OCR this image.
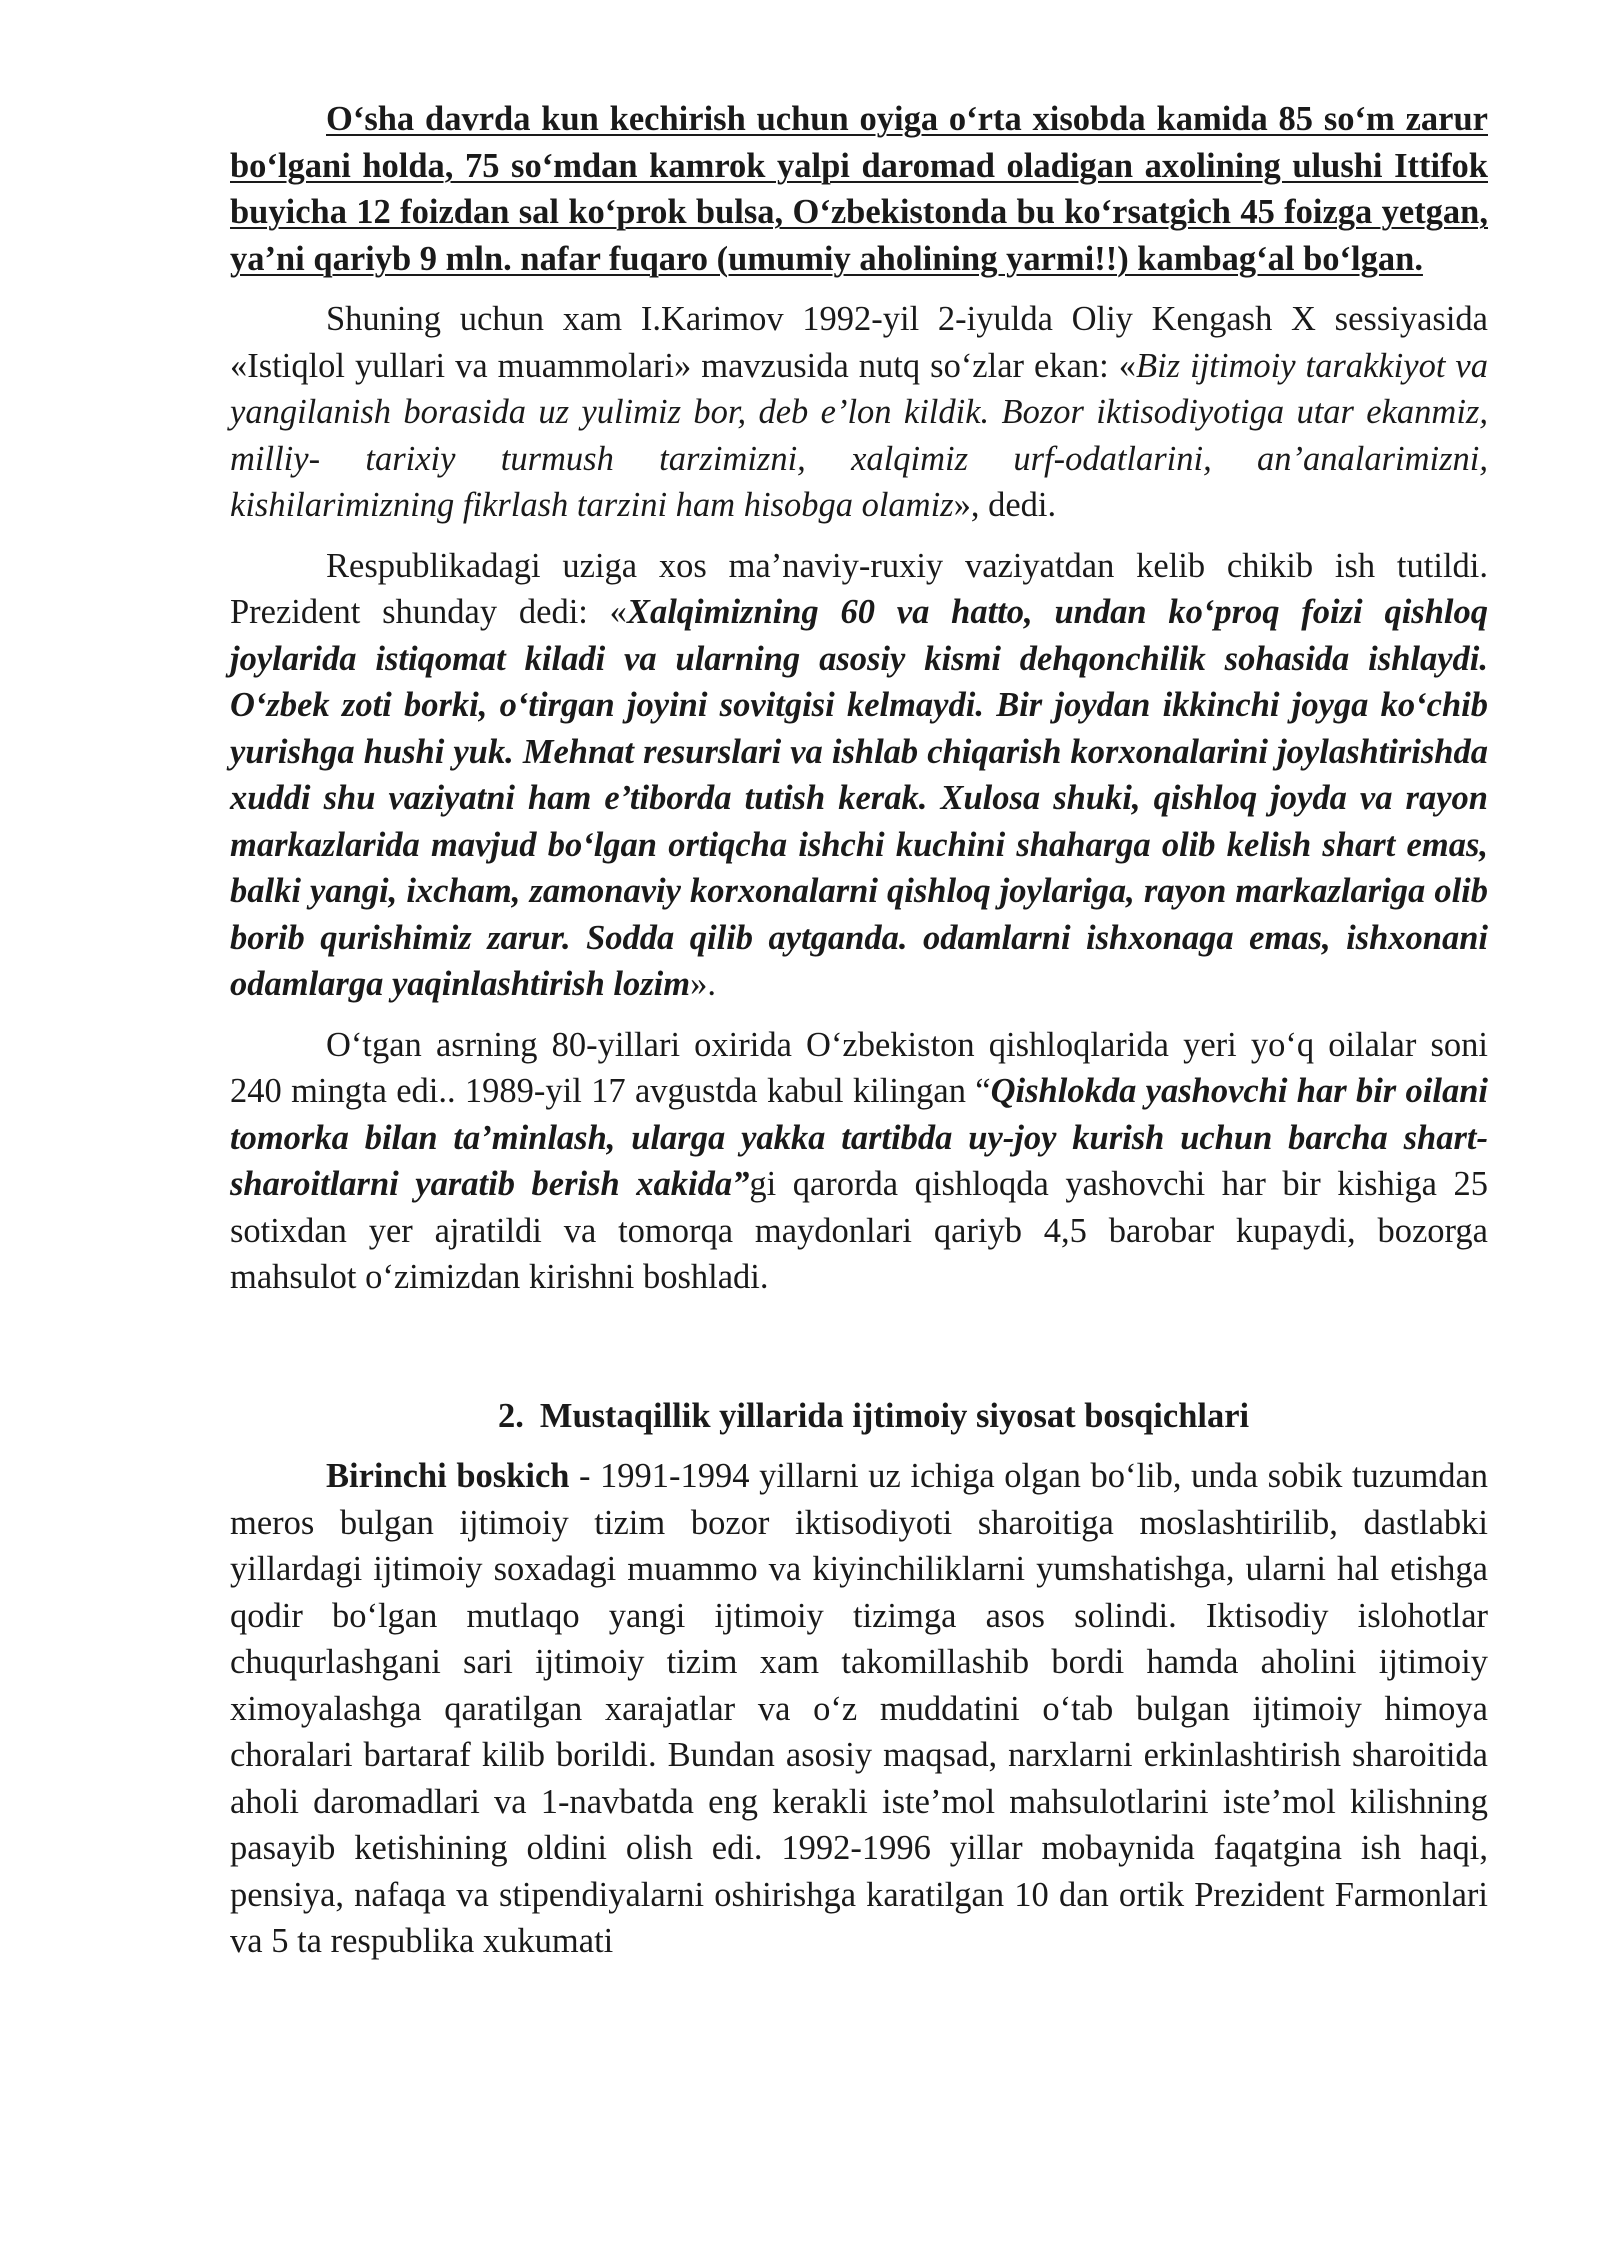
O‘sha davrda kun kechirish uchun oyiga o‘rta xisobda kamida 85 so‘m zarur bo‘lgani holda, 75 so‘mdan kamrok yalpi daromad oladigan axolining ulushi Ittifok buyicha 12 foizdan sal ko‘prok bulsa, O‘zbekistonda bu ko‘rsatgich 45 foizga yetgan, ya’ni qariyb 9 mln. nafar fuqaro (umumiy aholining yarmi!!) kambag‘al bo‘lgan.

Shuning uchun xam I.Karimov 1992-yil 2-iyulda Oliy Kengash X sessiyasida «Istiqlol yullari va muammolari» mavzusida nutq so‘zlar ekan: «Biz ijtimoiy tarakkiyot va yangilanish borasida uz yulimiz bor, deb e’lon kildik. Bozor iktisodiyotiga utar ekanmiz, milliy- tarixiy turmush tarzimizni, xalqimiz urf-odatlarini, an’analarimizni, kishilarimizning fikrlash tarzini ham hisobga olamiz», dedi.

Respublikadagi uziga xos ma’naviy-ruxiy vaziyatdan kelib chikib ish tutildi. Prezident shunday dedi: «Xalqimizning 60 va hatto, undan ko‘proq foizi qishloq joylarida istiqomat kiladi va ularning asosiy kismi dehqonchilik sohasida ishlaydi. O‘zbek zoti borki, o‘tirgan joyini sovitgisi kelmaydi. Bir joydan ikkinchi joyga ko‘chib yurishga hushi yuk. Mehnat resurslari va ishlab chiqarish korxonalarini joylashtirishda xuddi shu vaziyatni ham e’tiborda tutish kerak. Xulosa shuki, qishloq joyda va rayon markazlarida mavjud bo‘lgan ortiqcha ishchi kuchini shaharga olib kelish shart emas, balki yangi, ixcham, zamonaviy korxonalarni qishloq joylariga, rayon markazlariga olib borib qurishimiz zarur. Sodda qilib aytganda. odamlarni ishxonaga emas, ishxonani odamlarga yaqinlashtirish lozim».

O‘tgan asrning 80-yillari oxirida O‘zbekiston qishloqlarida yeri yo‘q oilalar soni 240 mingta edi.. 1989-yil 17 avgustda kabul kilingan “Qishlokda yashovchi har bir oilani tomorka bilan ta’minlash, ularga yakka tartibda uy-joy kurish uchun barcha shart-sharoitlarni yaratib berish xakida”gi qarorda qishloqda yashovchi har bir kishiga 25 sotixdan yer ajratildi va tomorqa maydonlari qariyb 4,5 barobar kupaydi, bozorga mahsulot o‘zimizdan kirishni boshladi.

2. Mustaqillik yillarida ijtimoiy siyosat bosqichlari

Birinchi boskich - 1991-1994 yillarni uz ichiga olgan bo‘lib, unda sobik tuzumdan meros bulgan ijtimoiy tizim bozor iktisodiyoti sharoitiga moslashtirilib, dastlabki yillardagi ijtimoiy soxadagi muammo va kiyinchiliklarni yumshatishga, ularni hal etishga qodir bo‘lgan mutlaqo yangi ijtimoiy tizimga asos solindi. Iktisodiy islohotlar chuqurlashgani sari ijtimoiy tizim xam takomillashib bordi hamda aholini ijtimoiy ximoyalashga qaratilgan xarajatlar va o‘z muddatini o‘tab bulgan ijtimoiy himoya choralari bartaraf kilib borildi. Bundan asosiy maqsad, narxlarni erkinlashtirish sharoitida aholi daromadlari va 1-navbatda eng kerakli iste’mol mahsulotlarini iste’mol kilishning pasayib ketishining oldini olish edi. 1992-1996 yillar mobaynida faqatgina ish haqi, pensiya, nafaqa va stipendiyalarni oshirishga karatilgan 10 dan ortik Prezident Farmonlari va 5 ta respublika xukumati
